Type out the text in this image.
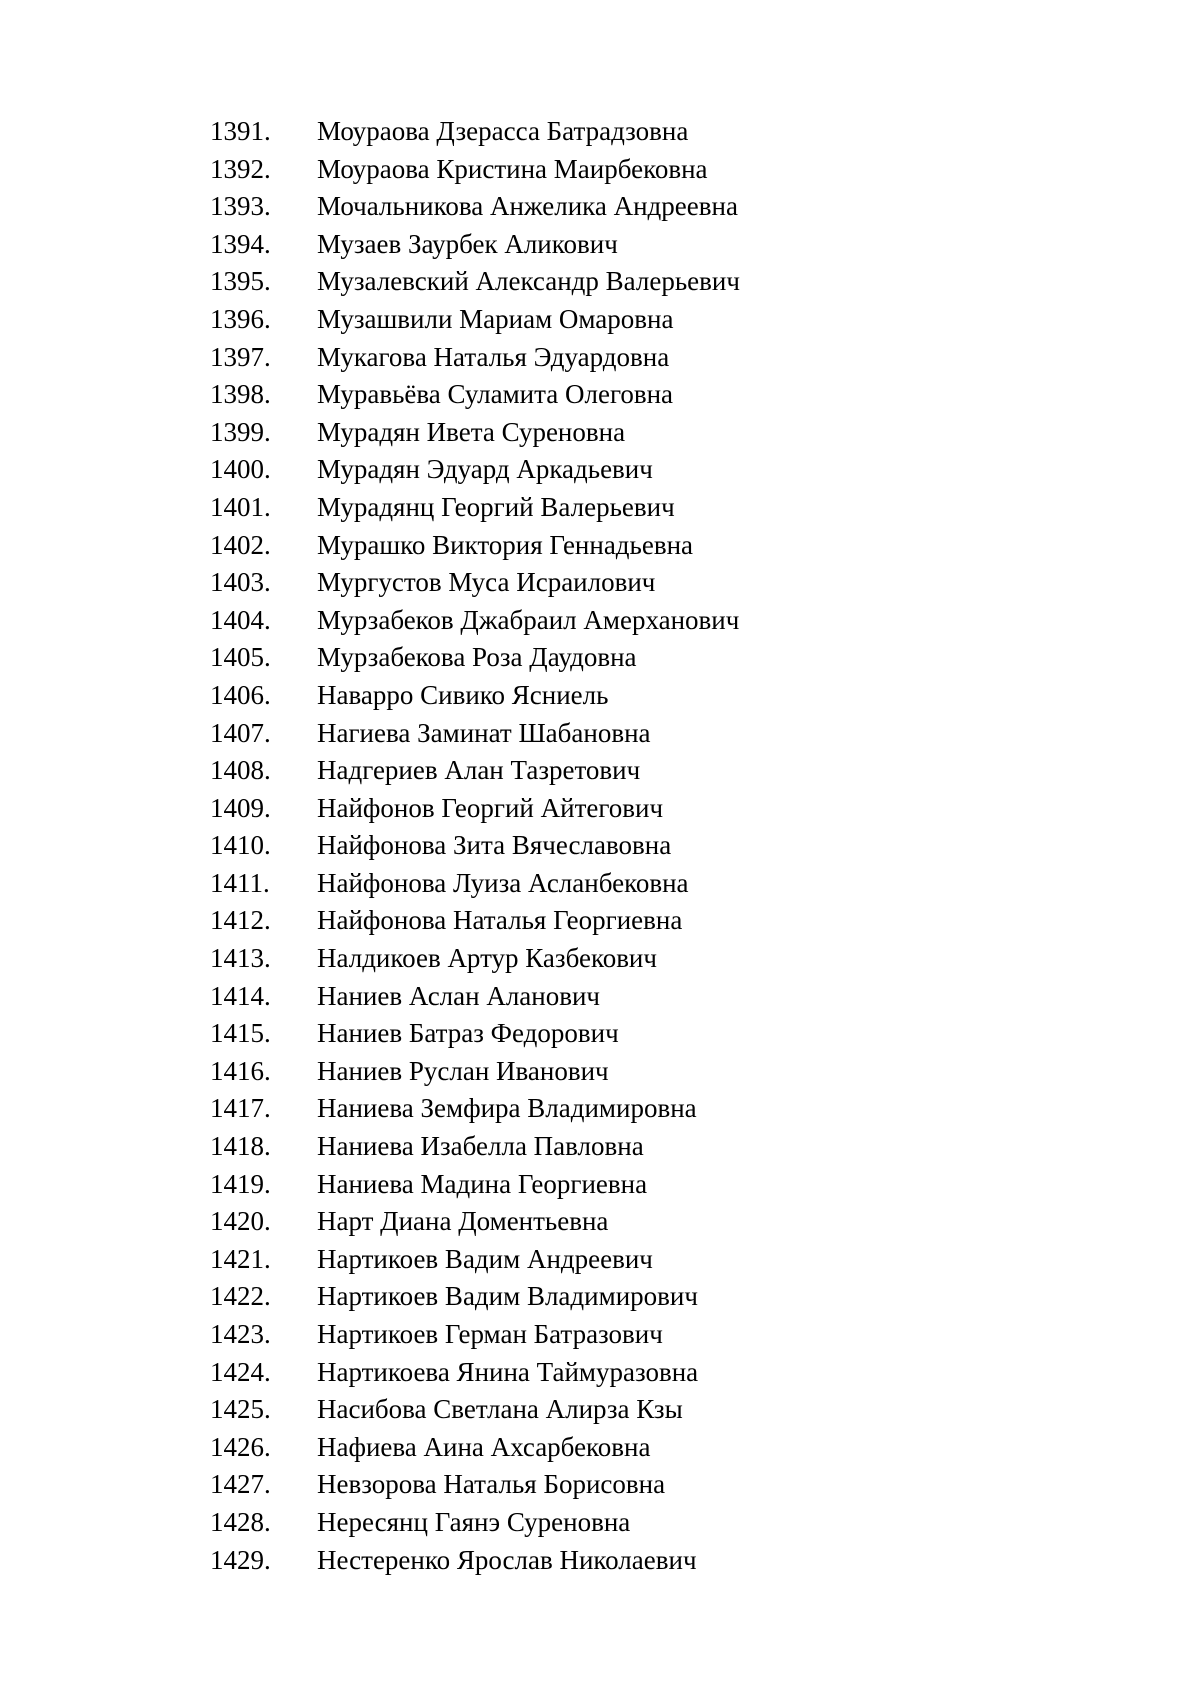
1391.	Моураова Дзерасса Батрадзовна
1392.	Моураова Кристина Маирбековна
1393.	Мочальникова Анжелика Андреевна
1394.	Музаев Заурбек Аликович
1395.	Музалевский Александр Валерьевич
1396.	Музашвили Мариам Омаровна
1397.	Мукагова Наталья Эдуардовна
1398.	Муравьёва Суламита Олеговна
1399.	Мурадян Ивета Суреновна
1400.	Мурадян Эдуард Аркадьевич
1401.	Мурадянц Георгий Валерьевич
1402.	Мурашко Виктория Геннадьевна
1403.	Мургустов Муса Исраилович
1404.	Мурзабеков Джабраил Амерханович
1405.	Мурзабекова Роза Даудовна
1406.	Наварро Сивико Ясниель
1407.	Нагиева Заминат Шабановна
1408.	Надгериев Алан Тазретович
1409.	Найфонов Георгий Айтегович
1410.	Найфонова Зита Вячеславовна
1411.	Найфонова Луиза Асланбековна
1412.	Найфонова Наталья Георгиевна
1413.	Налдикоев Артур Казбекович
1414.	Наниев Аслан Аланович
1415.	Наниев Батраз Федорович
1416.	Наниев Руслан Иванович
1417.	Наниева Земфира Владимировна
1418.	Наниева Изабелла Павловна
1419.	Наниева Мадина Георгиевна
1420.	Нарт Диана Доментьевна
1421.	Нартикоев Вадим Андреевич
1422.	Нартикоев Вадим Владимирович
1423.	Нартикоев Герман Батразович
1424.	Нартикоева Янина Таймуразовна
1425.	Насибова Светлана Алирза Кзы
1426.	Нафиева Аина Ахсарбековна
1427.	Невзорова Наталья Борисовна
1428.	Нересянц Гаянэ Суреновна
1429.	Нестеренко Ярослав Николаевич
